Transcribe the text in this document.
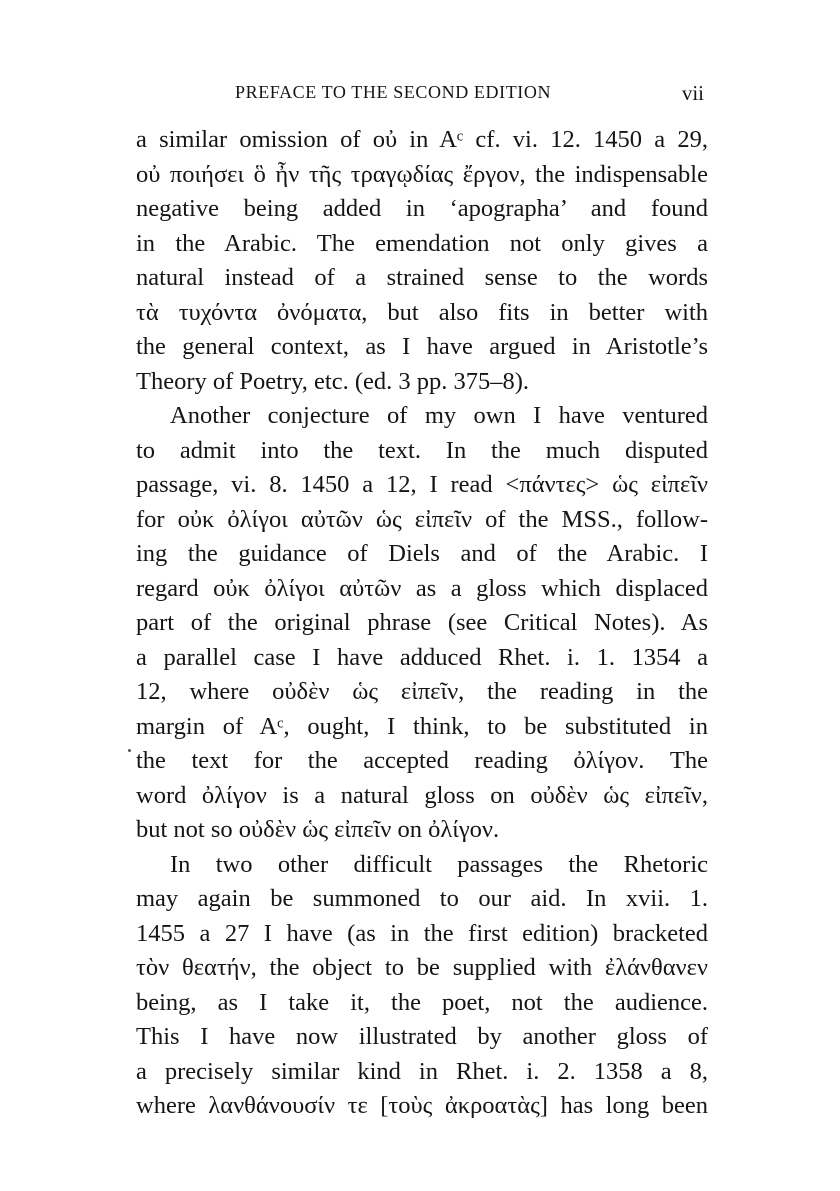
PREFACE TO THE SECOND EDITION	vii
a similar omission of οὐ in Aᶜ cf. vi. 12. 1450 a 29,
οὐ ποιήσει ὃ ἦν τῆς τραγῳδίας ἔργον, the indispensable
negative being added in ‘apographa’ and found
in the Arabic. The emendation not only gives a
natural instead of a strained sense to the words
τὰ τυχόντα ὀνόματα, but also fits in better with
the general context, as I have argued in Aristotle’s
Theory of Poetry, etc. (ed. 3 pp. 375–8).
Another conjecture of my own I have ventured
to admit into the text. In the much disputed
passage, vi. 8. 1450 a 12, I read <πάντες> ὡς εἰπεῖν
for οὐκ ὀλίγοι αὐτῶν ὡς εἰπεῖν of the MSS., follow-
ing the guidance of Diels and of the Arabic. I
regard οὐκ ὀλίγοι αὐτῶν as a gloss which displaced
part of the original phrase (see Critical Notes). As
a parallel case I have adduced Rhet. i. 1. 1354 a
12, where οὐδὲν ὡς εἰπεῖν, the reading in the
margin of Aᶜ, ought, I think, to be substituted in
the text for the accepted reading ὀλίγον. The
word ὀλίγον is a natural gloss on οὐδὲν ὡς εἰπεῖν,
but not so οὐδὲν ὡς εἰπεῖν on ὀλίγον.
In two other difficult passages the Rhetoric
may again be summoned to our aid. In xvii. 1.
1455 a 27 I have (as in the first edition) bracketed
τὸν θεατήν, the object to be supplied with ἐλάνθανεν
being, as I take it, the poet, not the audience.
This I have now illustrated by another gloss of
a precisely similar kind in Rhet. i. 2. 1358 a 8,
where λανθάνουσίν τε [τοὺς ἀκροατὰς] has long been
